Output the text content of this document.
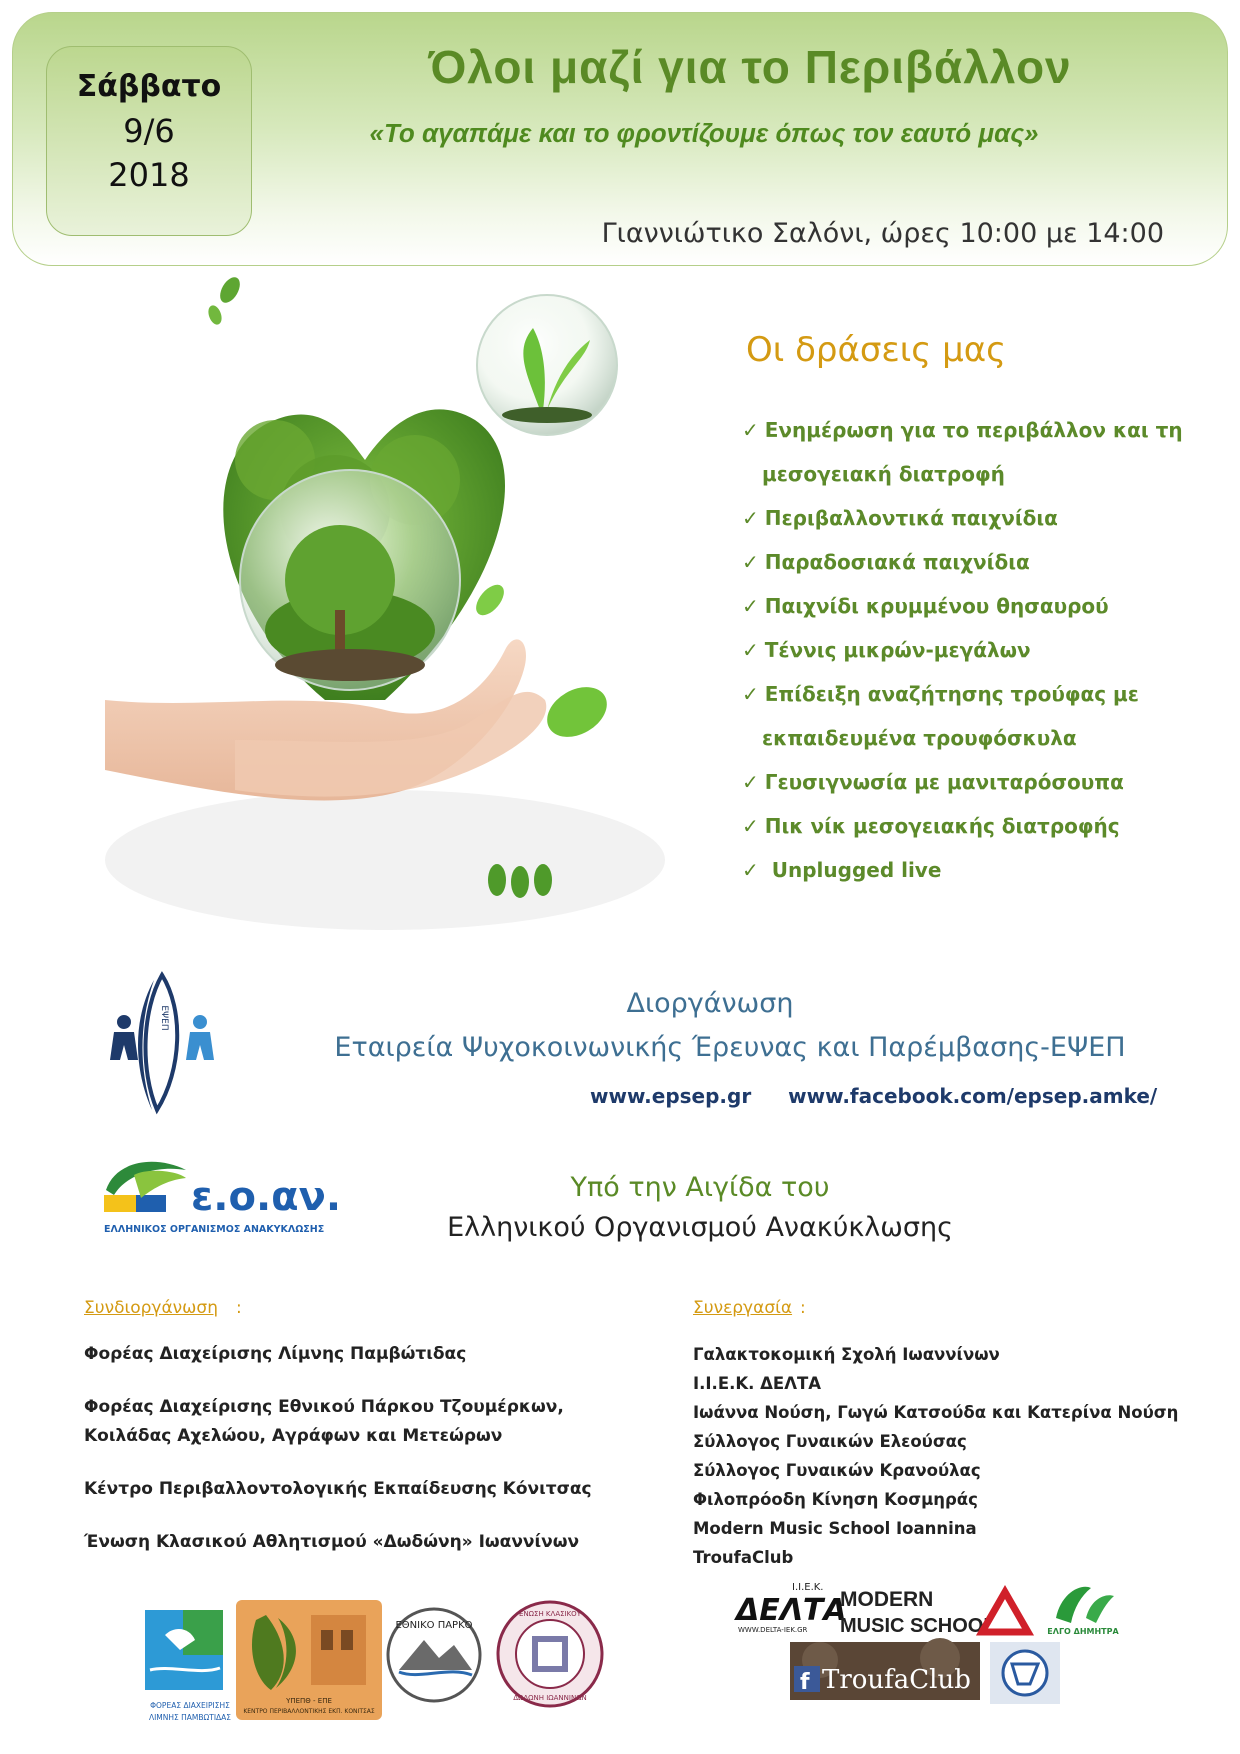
Σάββατο
9/6
2018
Όλοι μαζί για το Περιβάλλον
«Το αγαπάμε και το φροντίζουμε όπως τον εαυτό μας»
Γιαννιώτικο Σαλόνι, ώρες 10:00 με 14:00
Οι δράσεις μας
✓ Ενημέρωση για το περιβάλλον και τη
μεσογειακή διατροφή
✓ Περιβαλλοντικά παιχνίδια
✓ Παραδοσιακά παιχνίδια
✓ Παιχνίδι κρυμμένου θησαυρού
✓ Τέννις μικρών-μεγάλων
✓ Επίδειξη αναζήτησης τρούφας με
εκπαιδευμένα τρουφόσκυλα
✓ Γευσιγνωσία με μανιταρόσουπα
✓ Πικ νίκ μεσογειακής διατροφής
✓ Unplugged live
ΕΨΕΠ	Διοργάνωση
Εταιρεία Ψυχοκοινωνικής Έρευνας και Παρέμβασης-ΕΨΕΠ
www.epsep.gr www.facebook.com/epsep.amke/
ε.ο.αν.
ΕΛΛΗΝΙΚΟΣ ΟΡΓΑΝΙΣΜΟΣ ΑΝΑΚΥΚΛΩΣΗΣ
Υπό την Αιγίδα του
Ελληνικού Οργανισμού Ανακύκλωσης
Συνδιοργάνωση :
Φορέας Διαχείρισης Λίμνης Παμβώτιδας
Φορέας Διαχείρισης Εθνικού Πάρκου Τζουμέρκων, Κοιλάδας Αχελώου, Αγράφων και Μετεώρων
Κέντρο Περιβαλλοντολογικής Εκπαίδευσης Κόνιτσας
Ένωση Κλασικού Αθλητισμού «Δωδώνη» Ιωαννίνων
Συνεργασία :
Γαλακτοκομική Σχολή Ιωαννίνων
Ι.Ι.Ε.Κ. ΔΕΛΤΑ
Ιωάννα Νούση, Γωγώ Κατσούδα και Κατερίνα Νούση
Σύλλογος Γυναικών Ελεούσας
Σύλλογος Γυναικών Κρανούλας
Φιλοπρόοδη Κίνηση Κοσμηράς
Modern Music School Ioannina
TroufaClub
ΦΟΡΕΑΣ ΔΙΑΧΕΙΡΙΣΗΣ
ΛΙΜΝΗΣ ΠΑΜΒΩΤΙΔΑΣ
ΥΠΕΠΘ - ΕΠΕ
ΚΕΝΤΡΟ ΠΕΡΙΒΑΛΛΟΝΤΙΚΗΣ ΕΚΠ. ΚΟΝΙΤΣΑΣ
ΕΘΝΙΚΟ ΠΑΡΚΟ
ΕΝΩΣΗ ΚΛΑΣΙΚΟΥ
ΔΩΔΩΝΗ ΙΩΑΝΝΙΝΩΝ
Ι.Ι.Ε.Κ.
ΔΕΛΤΑ
WWW.DELTA-IEK.GR
MODERN
MUSIC SCHOOL	ΕΛΓΟ ΔΗΜΗΤΡΑ
f TroufaClub
